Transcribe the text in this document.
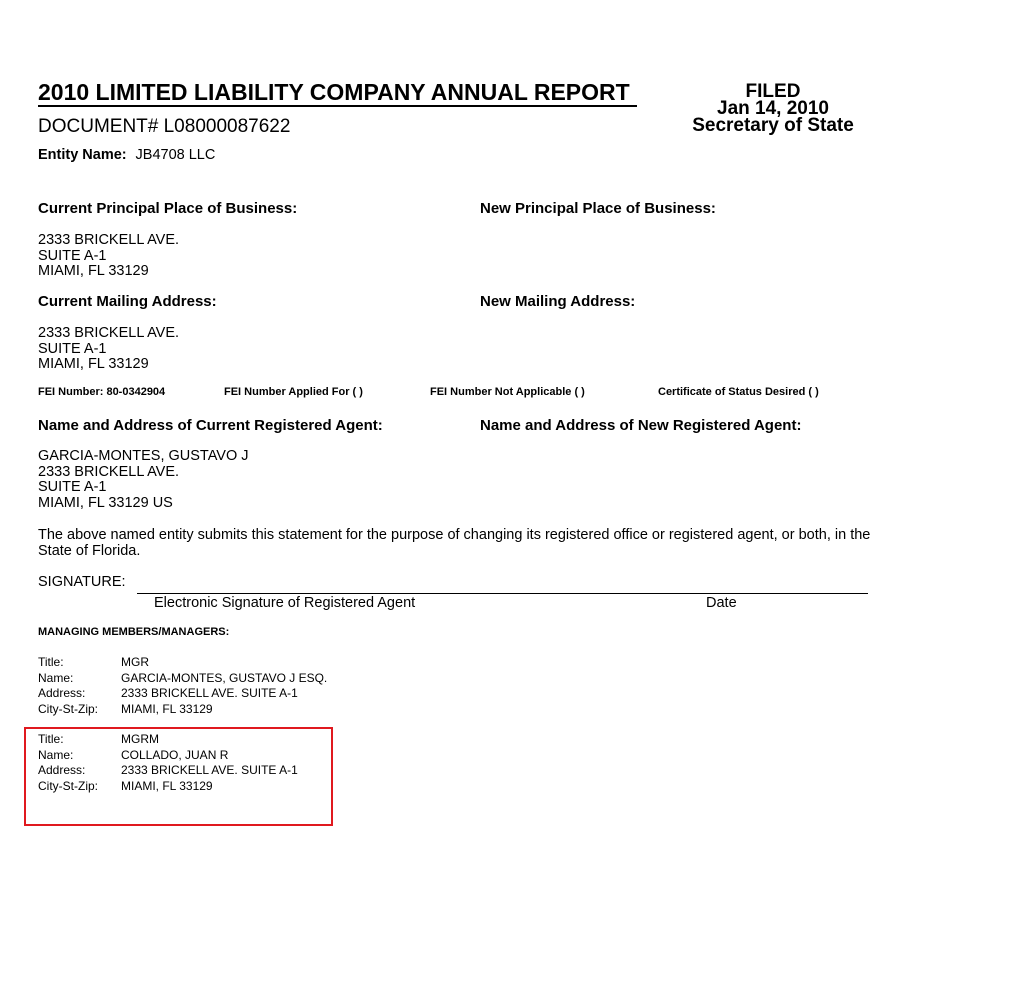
2010 LIMITED LIABILITY COMPANY ANNUAL REPORT
DOCUMENT# L08000087622
FILED
Jan 14, 2010
Secretary of State
Entity Name: JB4708 LLC
Current Principal Place of Business:	New Principal Place of Business:
2333 BRICKELL AVE.
SUITE A-1
MIAMI, FL 33129
Current Mailing Address:	New Mailing Address:
2333 BRICKELL AVE.
SUITE A-1
MIAMI, FL 33129
FEI Number: 80-0342904	FEI Number Applied For ( )	FEI Number Not Applicable ( )	Certificate of Status Desired ( )
Name and Address of Current Registered Agent:	Name and Address of New Registered Agent:
GARCIA-MONTES, GUSTAVO J
2333 BRICKELL AVE.
SUITE A-1
MIAMI, FL 33129 US
The above named entity submits this statement for the purpose of changing its registered office or registered agent, or both, in the State of Florida.
SIGNATURE:
Electronic Signature of Registered Agent	Date
MANAGING MEMBERS/MANAGERS:
Title:	MGR
Name:	GARCIA-MONTES, GUSTAVO J ESQ.
Address:	2333 BRICKELL AVE. SUITE A-1
City-St-Zip:	MIAMI, FL 33129
Title:	MGRM
Name:	COLLADO, JUAN R
Address:	2333 BRICKELL AVE. SUITE A-1
City-St-Zip:	MIAMI, FL 33129
